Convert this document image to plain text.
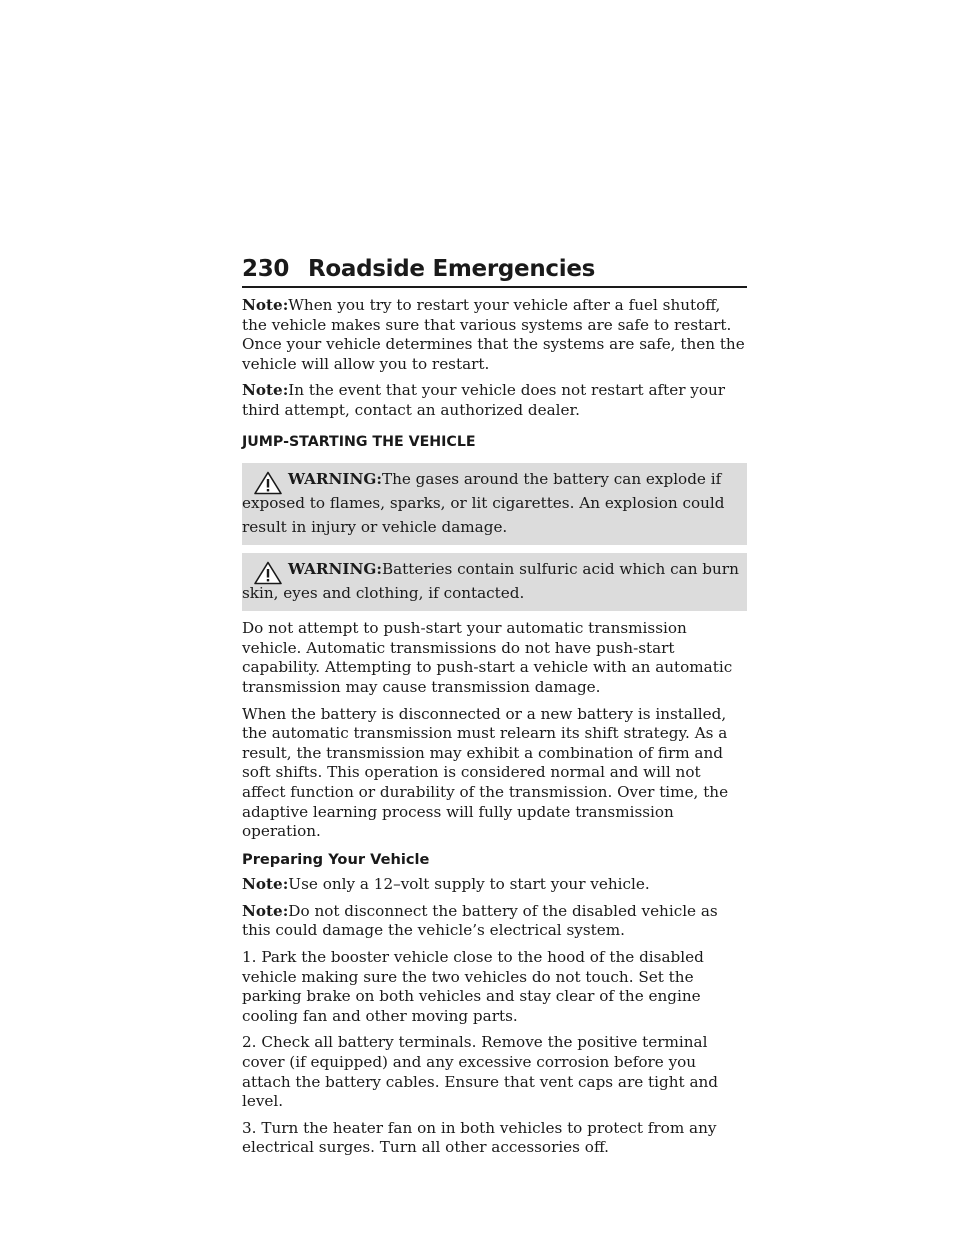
230 Roadside Emergencies

Note:When you try to restart your vehicle after a fuel shutoff, the vehicle makes sure that various systems are safe to restart. Once your vehicle determines that the systems are safe, then the vehicle will allow you to restart.

Note:In the event that your vehicle does not restart after your third attempt, contact an authorized dealer.

JUMP-STARTING THE VEHICLE

WARNING:The gases around the battery can explode if exposed to flames, sparks, or lit cigarettes. An explosion could result in injury or vehicle damage.

WARNING:Batteries contain sulfuric acid which can burn skin, eyes and clothing, if contacted.

Do not attempt to push-start your automatic transmission vehicle. Automatic transmissions do not have push-start capability. Attempting to push-start a vehicle with an automatic transmission may cause transmission damage.

When the battery is disconnected or a new battery is installed, the automatic transmission must relearn its shift strategy. As a result, the transmission may exhibit a combination of firm and soft shifts. This operation is considered normal and will not affect function or durability of the transmission. Over time, the adaptive learning process will fully update transmission operation.

Preparing Your Vehicle

Note:Use only a 12–volt supply to start your vehicle.

Note:Do not disconnect the battery of the disabled vehicle as this could damage the vehicle’s electrical system.

1. Park the booster vehicle close to the hood of the disabled vehicle making sure the two vehicles do not touch. Set the parking brake on both vehicles and stay clear of the engine cooling fan and other moving parts.

2. Check all battery terminals. Remove the positive terminal cover (if equipped) and any excessive corrosion before you attach the battery cables. Ensure that vent caps are tight and level.

3. Turn the heater fan on in both vehicles to protect from any electrical surges. Turn all other accessories off.
